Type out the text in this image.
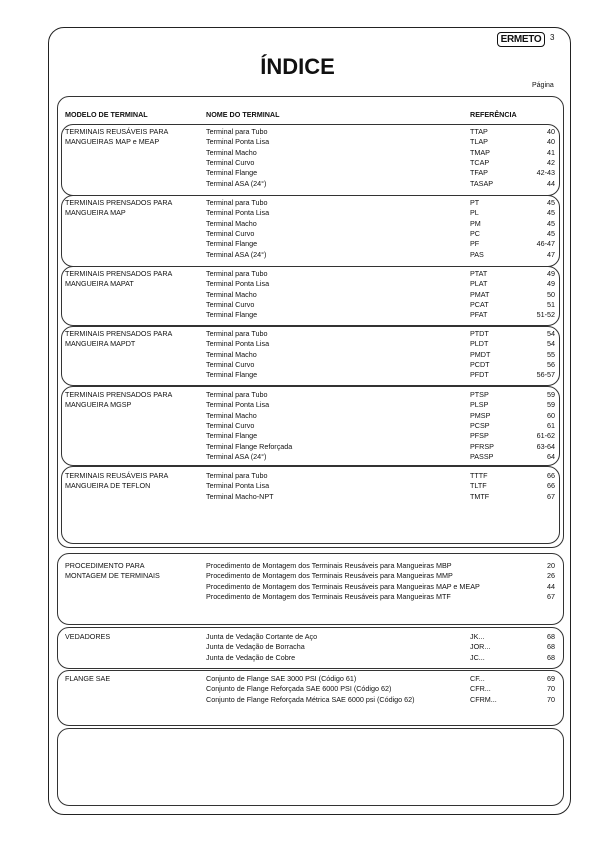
ERMETO 3
ÍNDICE
Página
MODELO DE TERMINAL	NOME DO TERMINAL	REFERÊNCIA
TERMINAIS REUSÁVEIS PARA
MANGUEIRAS MAP e MEAP
Terminal para Tubo	TTAP	40
Terminal Ponta Lisa	TLAP	40
Terminal Macho	TMAP	41
Terminal Curvo	TCAP	42
Terminal Flange	TFAP	42-43
Terminal ASA (24°)	TASAP	44
TERMINAIS PRENSADOS PARA
MANGUEIRA MAP
Terminal para Tubo	PT	45
Terminal Ponta Lisa	PL	45
Terminal Macho	PM	45
Terminal Curvo	PC	45
Terminal Flange	PF	46-47
Terminal ASA (24°)	PAS	47
TERMINAIS PRENSADOS PARA
MANGUEIRA MAPAT
Terminal para Tubo	PTAT	49
Terminal Ponta Lisa	PLAT	49
Terminal Macho	PMAT	50
Terminal Curvo	PCAT	51
Terminal Flange	PFAT	51-52
TERMINAIS PRENSADOS PARA
MANGUEIRA MAPDT
Terminal para Tubo	PTDT	54
Terminal Ponta Lisa	PLDT	54
Terminal Macho	PMDT	55
Terminal Curvo	PCDT	56
Terminal Flange	PFDT	56-57
TERMINAIS PRENSADOS PARA
MANGUEIRA MGSP
Terminal para Tubo	PTSP	59
Terminal Ponta Lisa	PLSP	59
Terminal Macho	PMSP	60
Terminal Curvo	PCSP	61
Terminal Flange	PFSP	61-62
Terminal Flange Reforçada	PFRSP	63-64
Terminal ASA (24°)	PASSP	64
TERMINAIS REUSÁVEIS PARA
MANGUEIRA DE TEFLON
Terminal para Tubo	TTTF	66
Terminal Ponta Lisa	TLTF	66
Terminal Macho-NPT	TMTF	67
PROCEDIMENTO PARA
MONTAGEM DE TERMINAIS
Procedimento de Montagem dos Terminais Reusáveis para Mangueiras MBP	20
Procedimento de Montagem dos Terminais Reusáveis para Mangueiras MMP	26
Procedimento de Montagem dos Terminais Reusáveis para Mangueiras MAP e MEAP	44
Procedimento de Montagem dos Terminais Reusáveis para Mangueiras MTF	67
VEDADORES	Junta de Vedação Cortante de Aço	JK...	68
Junta de Vedação de Borracha	JOR...	68
Junta de Vedação de Cobre	JC...	68
FLANGE SAE	Conjunto de Flange SAE 3000 PSI (Código 61)	CF...	69
Conjunto de Flange Reforçada SAE 6000 PSI (Código 62)	CFR...	70
Conjunto de Flange Reforçada Métrica SAE 6000 psi (Código 62)	CFRM...	70
